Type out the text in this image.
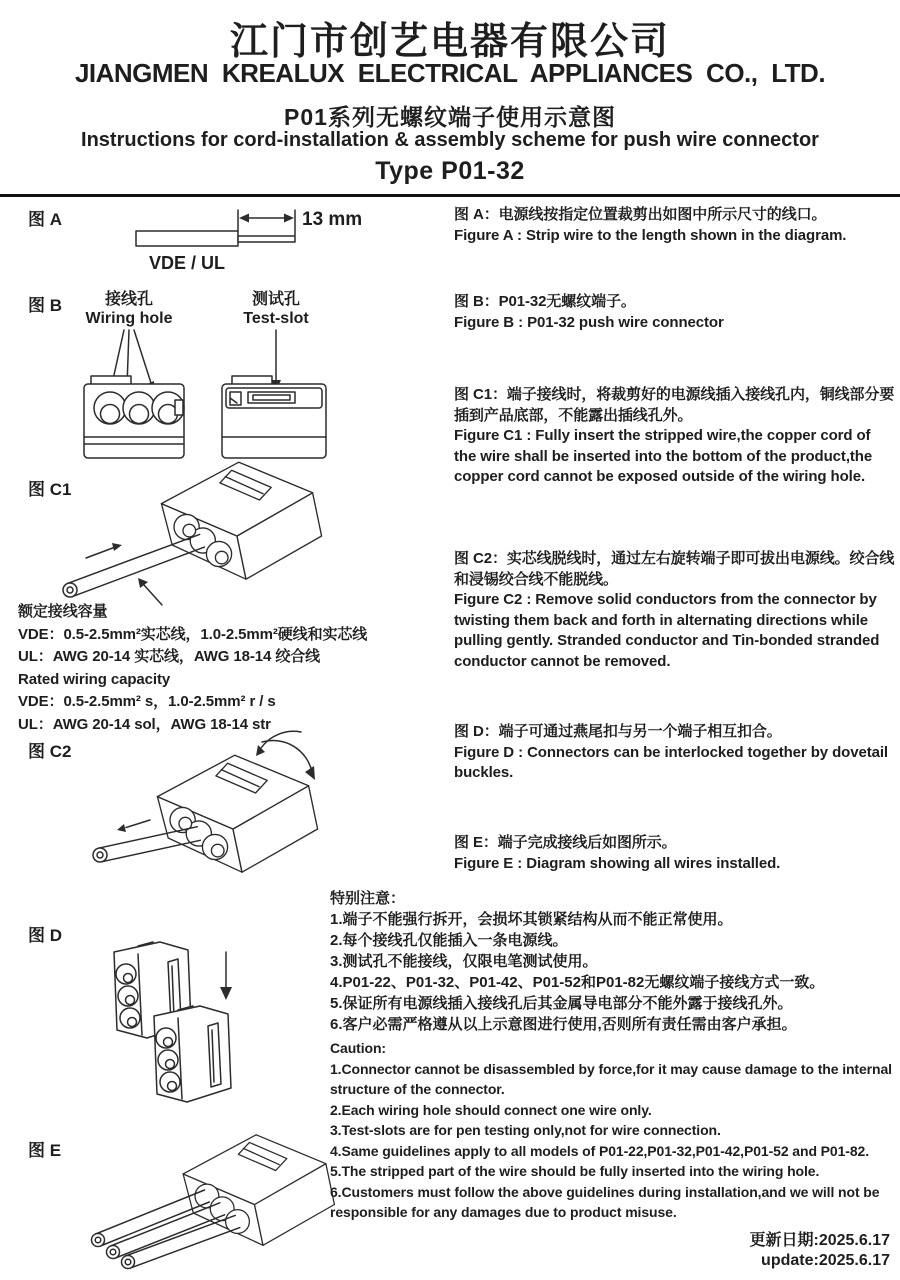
江门市创艺电器有限公司
JIANGMEN KREALUX ELECTRICAL APPLIANCES CO., LTD.
P01系列无螺纹端子使用示意图
Instructions for cord-installation & assembly scheme for push wire connector
Type P01-32
图 A
图 B
图 C1
图 C2
图 D
图 E
13 mm
VDE / UL
接线孔
Wiring hole
测试孔
Test-slot
额定接线容量
VDE：0.5-2.5mm²实芯线，1.0-2.5mm²硬线和实芯线
UL：AWG 20-14 实芯线，AWG 18-14 绞合线
Rated wiring capacity
VDE：0.5-2.5mm² s，1.0-2.5mm² r / s
UL：AWG 20-14 sol，AWG 18-14 str
图 A：电源线按指定位置裁剪出如图中所示尺寸的线口。
Figure A : Strip wire to the length shown in the diagram.
图 B：P01-32无螺纹端子。
Figure B : P01-32 push wire connector
图 C1：端子接线时，将裁剪好的电源线插入接线孔内，铜线部分要插到产品底部，不能露出插线孔外。
Figure C1 : Fully insert the stripped wire,the copper cord of the wire shall be inserted into the bottom of the product,the copper cord cannot be exposed outside of the wiring hole.
图 C2：实芯线脱线时，通过左右旋转端子即可拔出电源线。绞合线和浸锡绞合线不能脱线。
Figure C2 : Remove solid conductors from the connector by twisting them back and forth in alternating directions while pulling gently. Stranded conductor and Tin-bonded stranded conductor cannot be removed.
图 D：端子可通过燕尾扣与另一个端子相互扣合。
Figure D : Connectors can be interlocked together by dovetail buckles.
图 E：端子完成接线后如图所示。
Figure E : Diagram showing all wires installed.
特别注意：
1.端子不能强行拆开，会损坏其锁紧结构从而不能正常使用。
2.每个接线孔仅能插入一条电源线。
3.测试孔不能接线，仅限电笔测试使用。
4.P01-22、P01-32、P01-42、P01-52和P01-82无螺纹端子接线方式一致。
5.保证所有电源线插入接线孔后其金属导电部分不能外露于接线孔外。
6.客户必需严格遵从以上示意图进行使用,否则所有责任需由客户承担。
Caution:
1.Connector cannot be disassembled by force,for it may cause damage to the internal structure of the connector.
2.Each wiring hole should connect one wire only.
3.Test-slots are for pen testing only,not for wire connection.
4.Same guidelines apply to all models of P01-22,P01-32,P01-42,P01-52 and P01-82.
5.The stripped part of the wire should be fully inserted into the wiring hole.
6.Customers must follow the above guidelines during installation,and we will not be responsible for any damages due to product misuse.
更新日期:2025.6.17
update:2025.6.17
